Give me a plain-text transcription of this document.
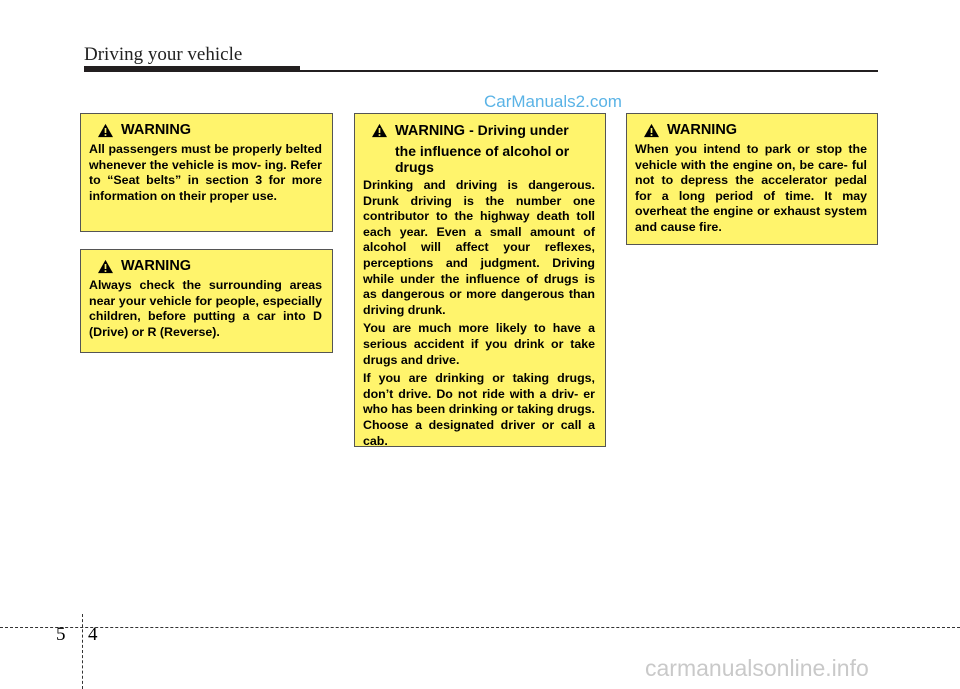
Driving your vehicle
CarManuals2.com
WARNING

All passengers must be properly belted whenever the vehicle is mov- ing. Refer to “Seat belts” in section 3 for more information on their proper use.

WARNING

Always check the surrounding areas near your vehicle for people, especially children, before putting a car into D (Drive) or R (Reverse).

WARNING - Driving under
the influence of alcohol or drugs

Drinking and driving is dangerous. Drunk driving is the number one contributor to the highway death toll each year. Even a small amount of alcohol will affect your reflexes, perceptions and judgment. Driving while under the influence of drugs is as dangerous or more dangerous than driving drunk.

You are much more likely to have a serious accident if you drink or take drugs and drive.

If you are drinking or taking drugs, don’t drive. Do not ride with a driv- er who has been drinking or taking drugs. Choose a designated driver or call a cab.

WARNING

When you intend to park or stop the vehicle with the engine on, be care- ful not to depress the accelerator pedal for a long period of time. It may overheat the engine or exhaust system and cause fire.

5 4
carmanualsonline.info
